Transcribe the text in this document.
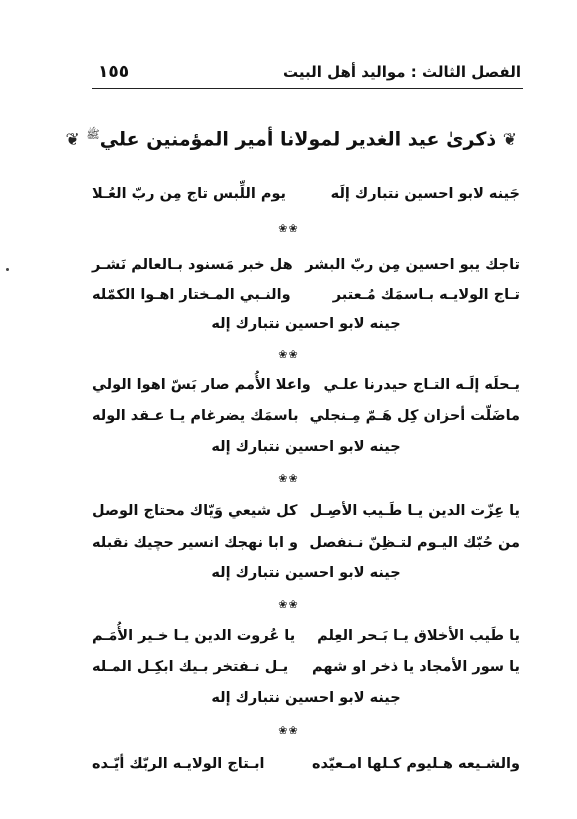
الفصل الثالث : مواليد أهل البيت
١٥٥
❦ ذكرىٰ عيد الغدير لمولانا أمير المؤمنين علي$^ﷺ$ ❦
جَينه لابو احسين نتبارك إلَه
يوم اللِّبس تاج مِن ربّ العُـلا
❀❀
تاجك يبو احسين مِن ربّ البشر
هل خبر مَسنود بـالعالم نَشـر
تـاج الولايـه بـاسمَك مُـعتبر
والنـبي المـختار اهـوا الكمّله
جينه لابو احسين نتبارك إله
❀❀
يـحلَه إلَـه التـاج حيدرنا علـي
واعلا الأُمم صار بَسّ اهوا الولي
ماضَلّت أحزان كِل هَـمّ مِـنجلي
باسمَك يضرغام يـا عـقد الوله
جينه لابو احسين نتبارك إله
❀❀
يا عِزّت الدين يـا طَـيب الأصِـل
كل شيعي وَيّاك محتاج الوصل
من حُبّك اليـوم لتـظِنّ نـنفصل
و ابا نهجك انسير حچيك نقبله
جينه لابو احسين نتبارك إله
❀❀
يا طَيب الأخلاق يـا بَـحر العِلم
يا عُروت الدين يـا خـير الأُمَـم
يا سور الأمجاد يا ذخر او شهم
يـل نـفتخر بـيك ابكِـل المـله
جينه لابو احسين نتبارك إله
❀❀
والشـيعه هـليوم كـلها امـعيّده
ابـتاج الولايـه الربّك أيّـده
